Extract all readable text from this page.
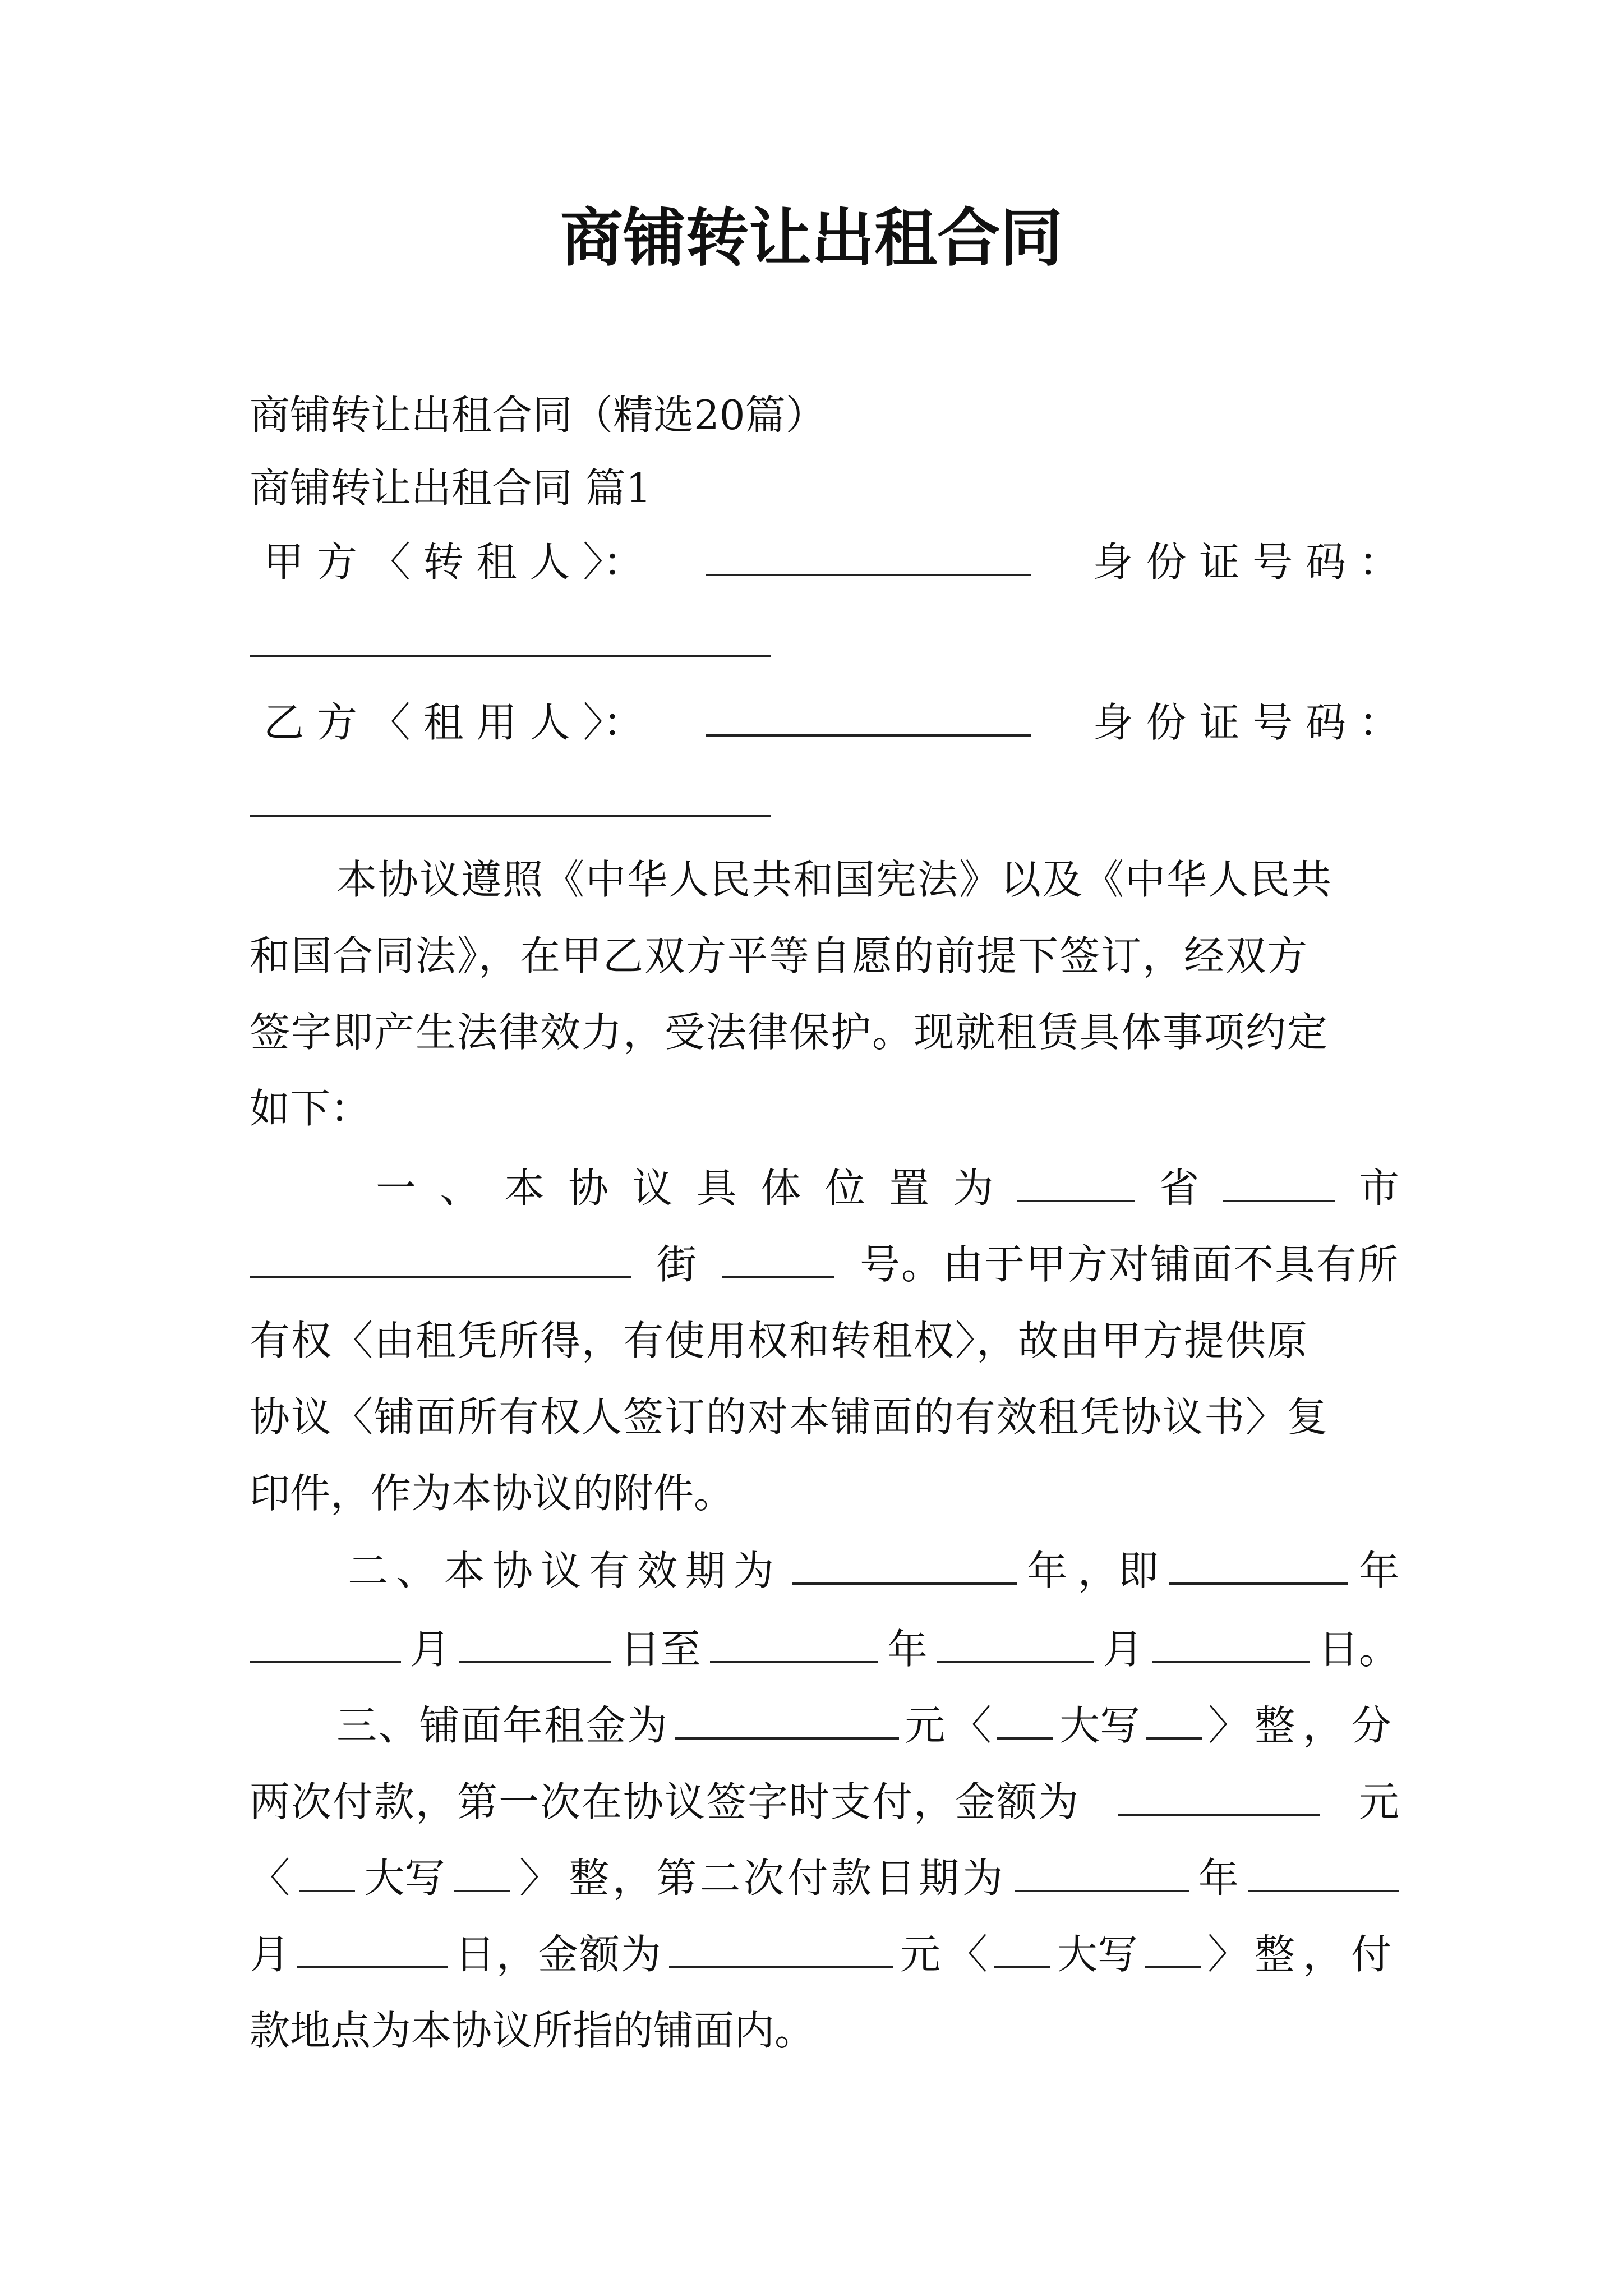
商铺转让出租合同
商铺转让出租合同（精选20篇）
商铺转让出租合同 篇1
甲 方 〈 转 租 人 〉：	身 份 证 号 码 ：
乙 方 〈 租 用 人 〉：	身 份 证 号 码 ：
本协议遵照《中华人民共和国宪法》以及《中华人民共
和国合同法》，在甲乙双方平等自愿的前提下签订，经双方
签字即产生法律效力，受法律保护。现就租赁具体事项约定
如下：
一 、 本 协 议 具 体 位 置 为	省	市
街	号。由于甲方对铺面不具有所
有权〈由租凭所得，有使用权和转租权〉，故由甲方提供原
协议〈铺面所有权人签订的对本铺面的有效租凭协议书〉复
印件，作为本协议的附件。
二、本协议有效期为	年 ，即	年
月	日至	年	月	日。
三、铺面年租金为	元 〈 大写 〉 整，分
两次付款，第一次在协议签字时支付，金额为	元
〈 大写 〉 整，第二次付款日期为	年
月	日，金额为	元 〈 大写 〉 整，付
款地点为本协议所指的铺面内。
